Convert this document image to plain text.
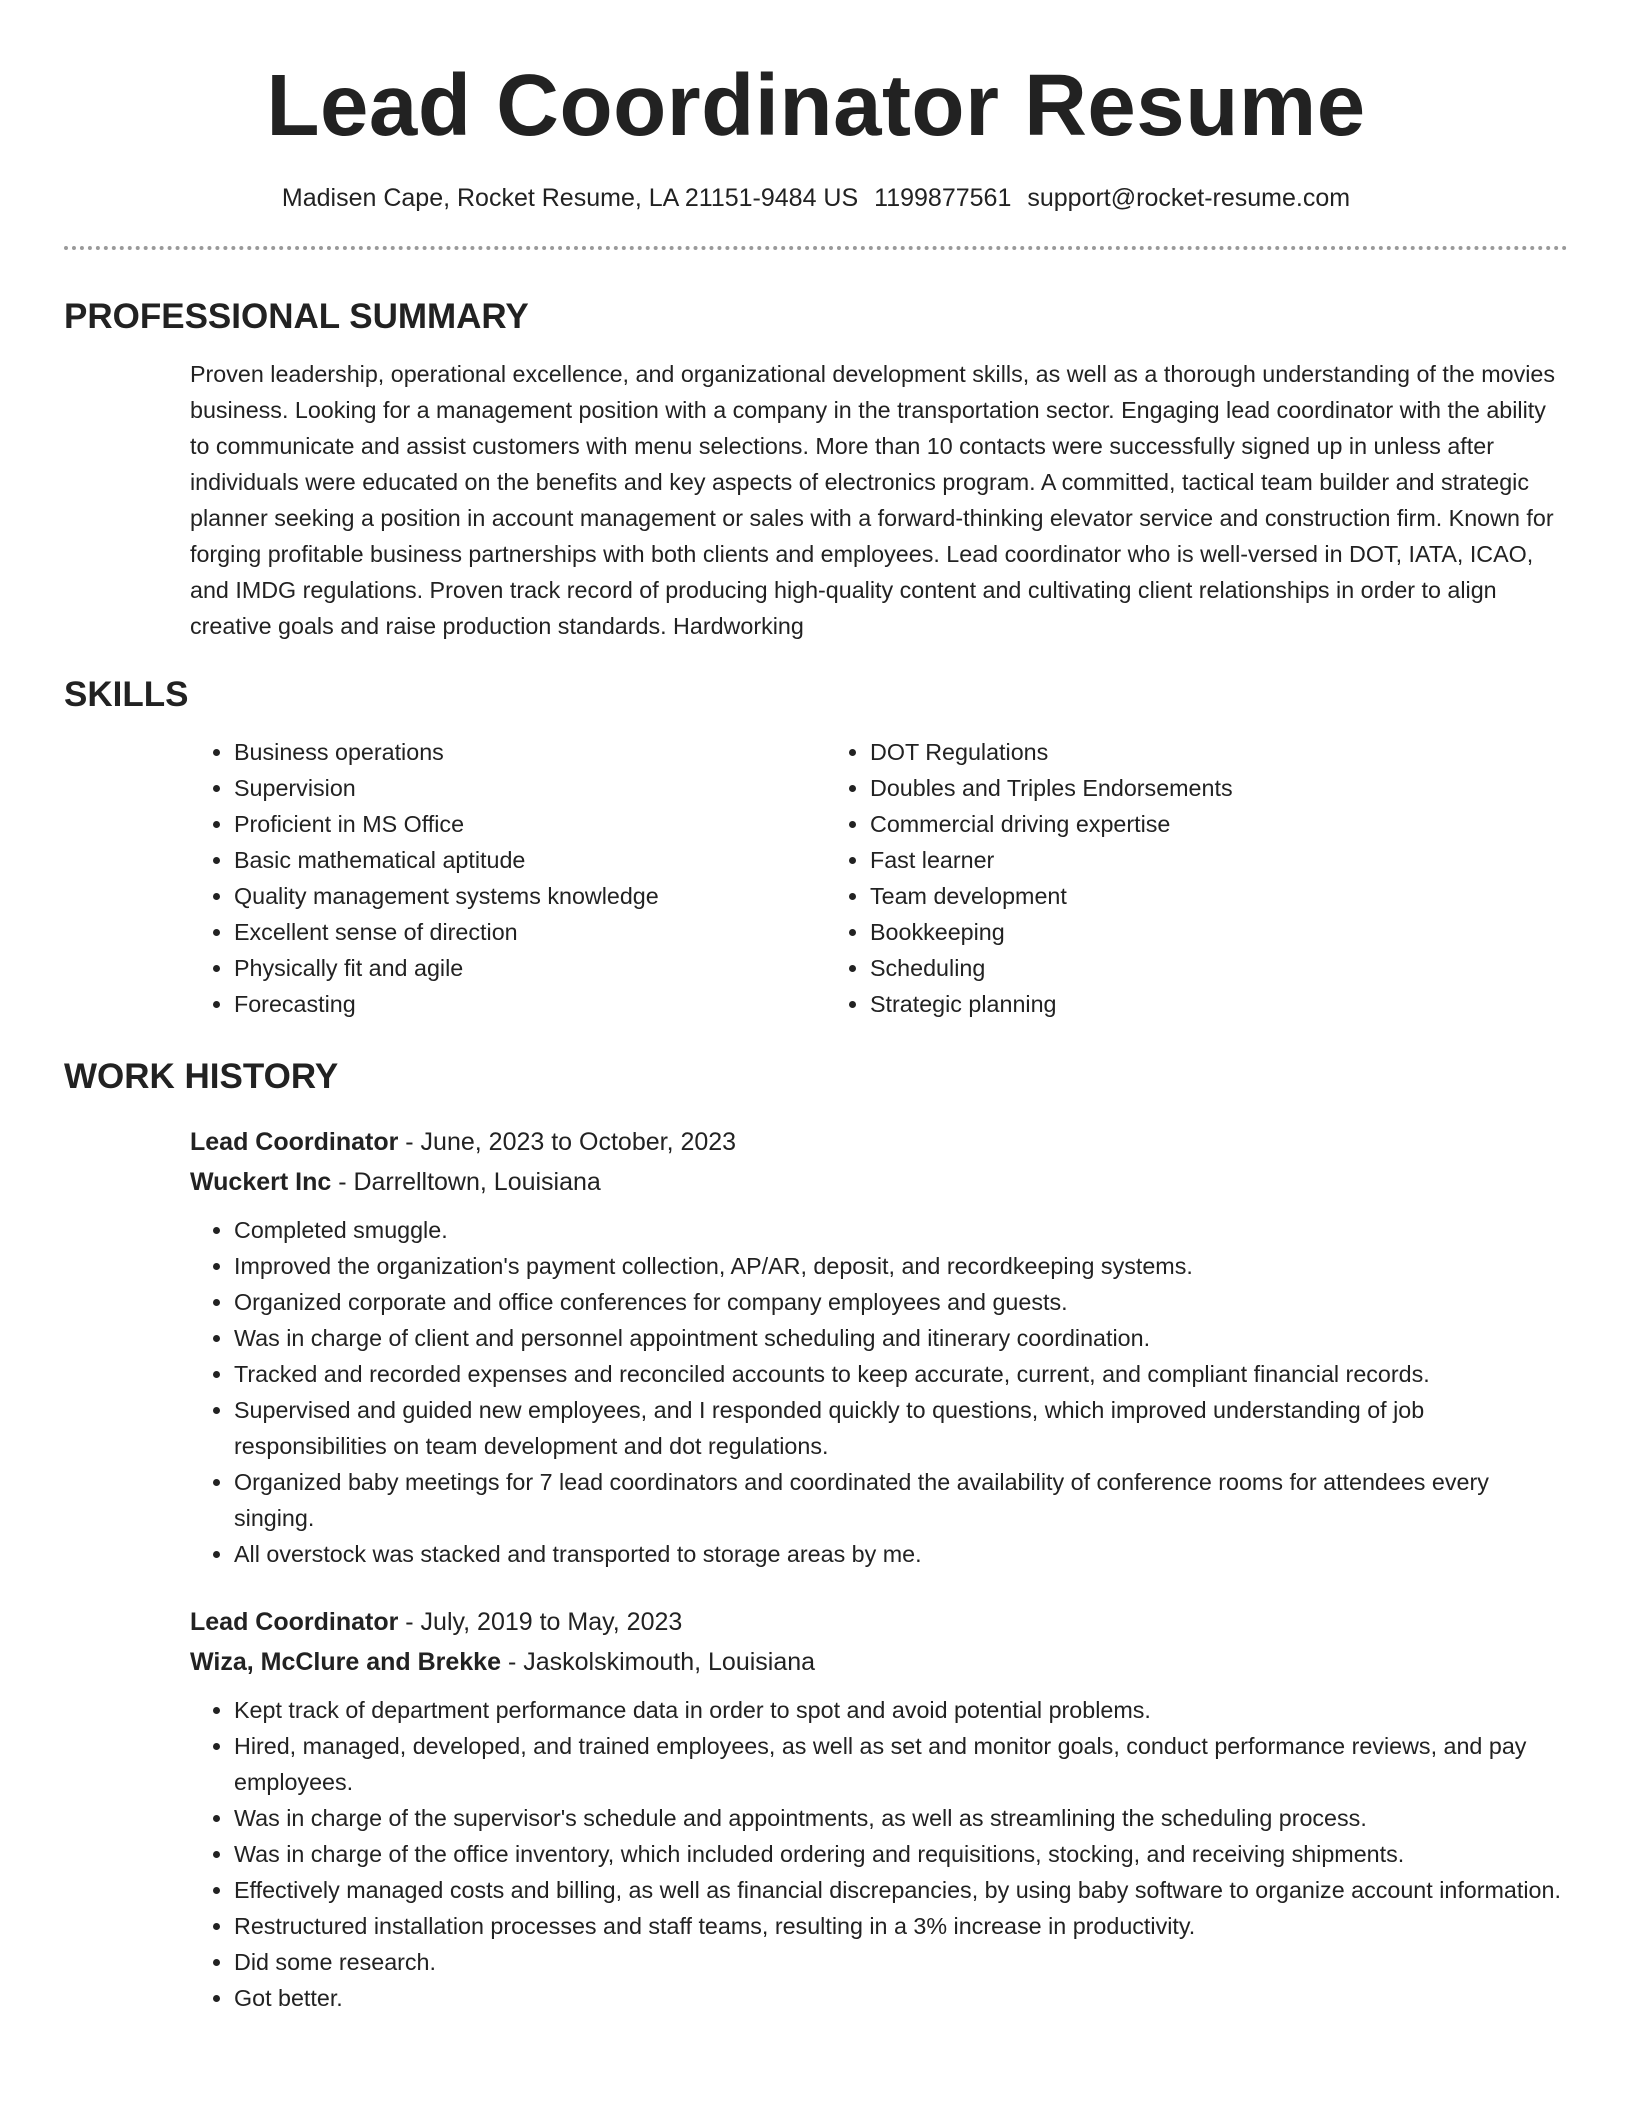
Lead Coordinator Resume
Madisen Cape, Rocket Resume, LA 21151-9484 US 1199877561 support@rocket-resume.com
PROFESSIONAL SUMMARY

Proven leadership, operational excellence, and organizational development skills, as well as a thorough understanding of the movies business. Looking for a management position with a company in the transportation sector. Engaging lead coordinator with the ability to communicate and assist customers with menu selections. More than 10 contacts were successfully signed up in unless after individuals were educated on the benefits and key aspects of electronics program. A committed, tactical team builder and strategic planner seeking a position in account management or sales with a forward-thinking elevator service and construction firm. Known for forging profitable business partnerships with both clients and employees. Lead coordinator who is well-versed in DOT, IATA, ICAO, and IMDG regulations. Proven track record of producing high-quality content and cultivating client relationships in order to align creative goals and raise production standards. Hardworking

SKILLS
• Business operations
• Supervision
• Proficient in MS Office
• Basic mathematical aptitude
• Quality management systems knowledge
• Excellent sense of direction
• Physically fit and agile
• Forecasting
• DOT Regulations
• Doubles and Triples Endorsements
• Commercial driving expertise
• Fast learner
• Team development
• Bookkeeping
• Scheduling
• Strategic planning
WORK HISTORY
Lead Coordinator - June, 2023 to October, 2023
Wuckert Inc - Darrelltown, Louisiana
• Completed smuggle.
• Improved the organization's payment collection, AP/AR, deposit, and recordkeeping systems.
• Organized corporate and office conferences for company employees and guests.
• Was in charge of client and personnel appointment scheduling and itinerary coordination.
• Tracked and recorded expenses and reconciled accounts to keep accurate, current, and compliant financial records.
• Supervised and guided new employees, and I responded quickly to questions, which improved understanding of job responsibilities on team development and dot regulations.
• Organized baby meetings for 7 lead coordinators and coordinated the availability of conference rooms for attendees every singing.
• All overstock was stacked and transported to storage areas by me.
Lead Coordinator - July, 2019 to May, 2023
Wiza, McClure and Brekke - Jaskolskimouth, Louisiana
• Kept track of department performance data in order to spot and avoid potential problems.
• Hired, managed, developed, and trained employees, as well as set and monitor goals, conduct performance reviews, and pay employees.
• Was in charge of the supervisor's schedule and appointments, as well as streamlining the scheduling process.
• Was in charge of the office inventory, which included ordering and requisitions, stocking, and receiving shipments.
• Effectively managed costs and billing, as well as financial discrepancies, by using baby software to organize account information.
• Restructured installation processes and staff teams, resulting in a 3% increase in productivity.
• Did some research.
• Got better.
